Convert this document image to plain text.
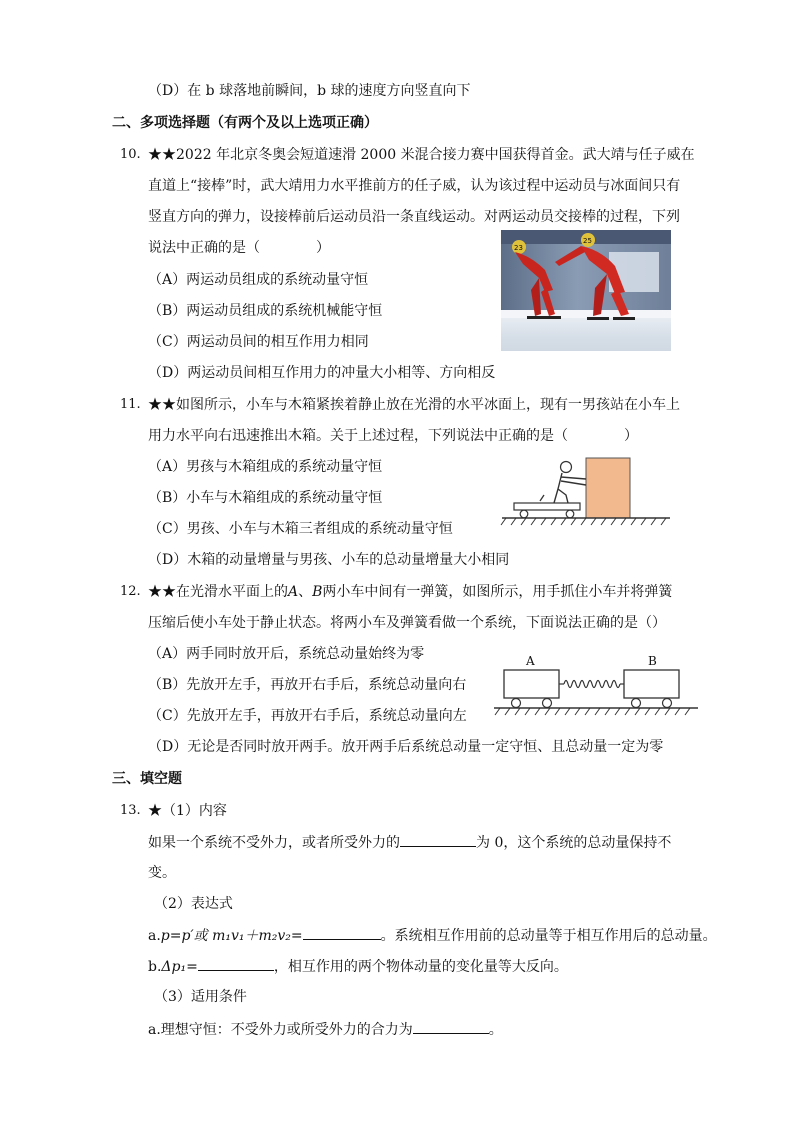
（D）在 b 球落地前瞬间，b 球的速度方向竖直向下
二、多项选择题（有两个及以上选项正确）
10. ★★2022 年北京冬奥会短道速滑 2000 米混合接力赛中国获得首金。武大靖与任子威在
直道上“接棒”时，武大靖用力水平推前方的任子威，认为该过程中运动员与冰面间只有
竖直方向的弹力，设接棒前后运动员沿一条直线运动。对两运动员交接棒的过程，下列
说法中正确的是（　　　　）
（A）两运动员组成的系统动量守恒
（B）两运动员组成的系统机械能守恒
（C）两运动员间的相互作用力相同
（D）两运动员间相互作用力的冲量大小相等、方向相反
23
25
11. ★★如图所示，小车与木箱紧挨着静止放在光滑的水平冰面上，现有一男孩站在小车上
用力水平向右迅速推出木箱。关于上述过程，下列说法中正确的是（　　　　）
（A）男孩与木箱组成的系统动量守恒
（B）小车与木箱组成的系统动量守恒
（C）男孩、小车与木箱三者组成的系统动量守恒
（D）木箱的动量增量与男孩、小车的总动量增量大小相同
12. ★★在光滑水平面上的A、B两小车中间有一弹簧，如图所示，用手抓住小车并将弹簧
压缩后使小车处于静止状态。将两小车及弹簧看做一个系统，下面说法正确的是（）
（A）两手同时放开后，系统总动量始终为零
（B）先放开左手，再放开右手后，系统总动量向右
（C）先放开左手，再放开右手后，系统总动量向左
（D）无论是否同时放开两手。放开两手后系统总动量一定守恒、且总动量一定为零
A	B
三、填空题
13. ★（1）内容
如果一个系统不受外力，或者所受外力的	为 0，这个系统的总动量保持不
变。
（2）表达式
a.p=p′或 m₁v₁＋m₂v₂=	。系统相互作用前的总动量等于相互作用后的总动量。
b.Δp₁=	，相互作用的两个物体动量的变化量等大反向。
（3）适用条件
a.理想守恒：不受外力或所受外力的合力为	。
